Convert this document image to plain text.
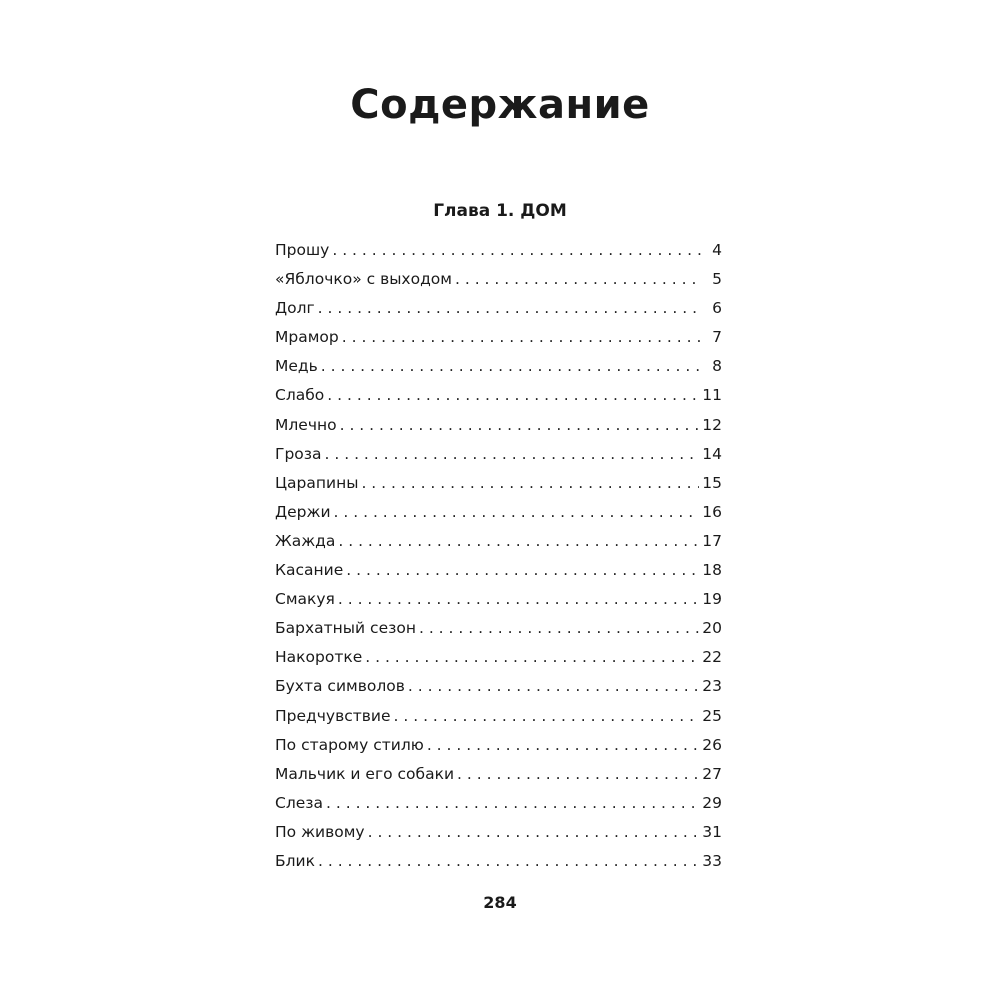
Содержание
Глава 1. ДОМ
Прошу . . .	4
«Яблочко» с выходом . . .	5
Долг . . .	6
Мрамор . . .	7
Медь . . .	8
Слабо . . .	11
Млечно . . .	12
Гроза . . .	14
Царапины . . .	15
Держи . . .	16
Жажда . . .	17
Касание . . .	18
Смакуя . . .	19
Бархатный сезон . . .	20
Накоротке . . .	22
Бухта символов . . .	23
Предчувствие . . .	25
По старому стилю . . .	26
Мальчик и его собаки . . .	27
Слеза . . .	29
По живому . . .	31
Блик . . .	33
284
